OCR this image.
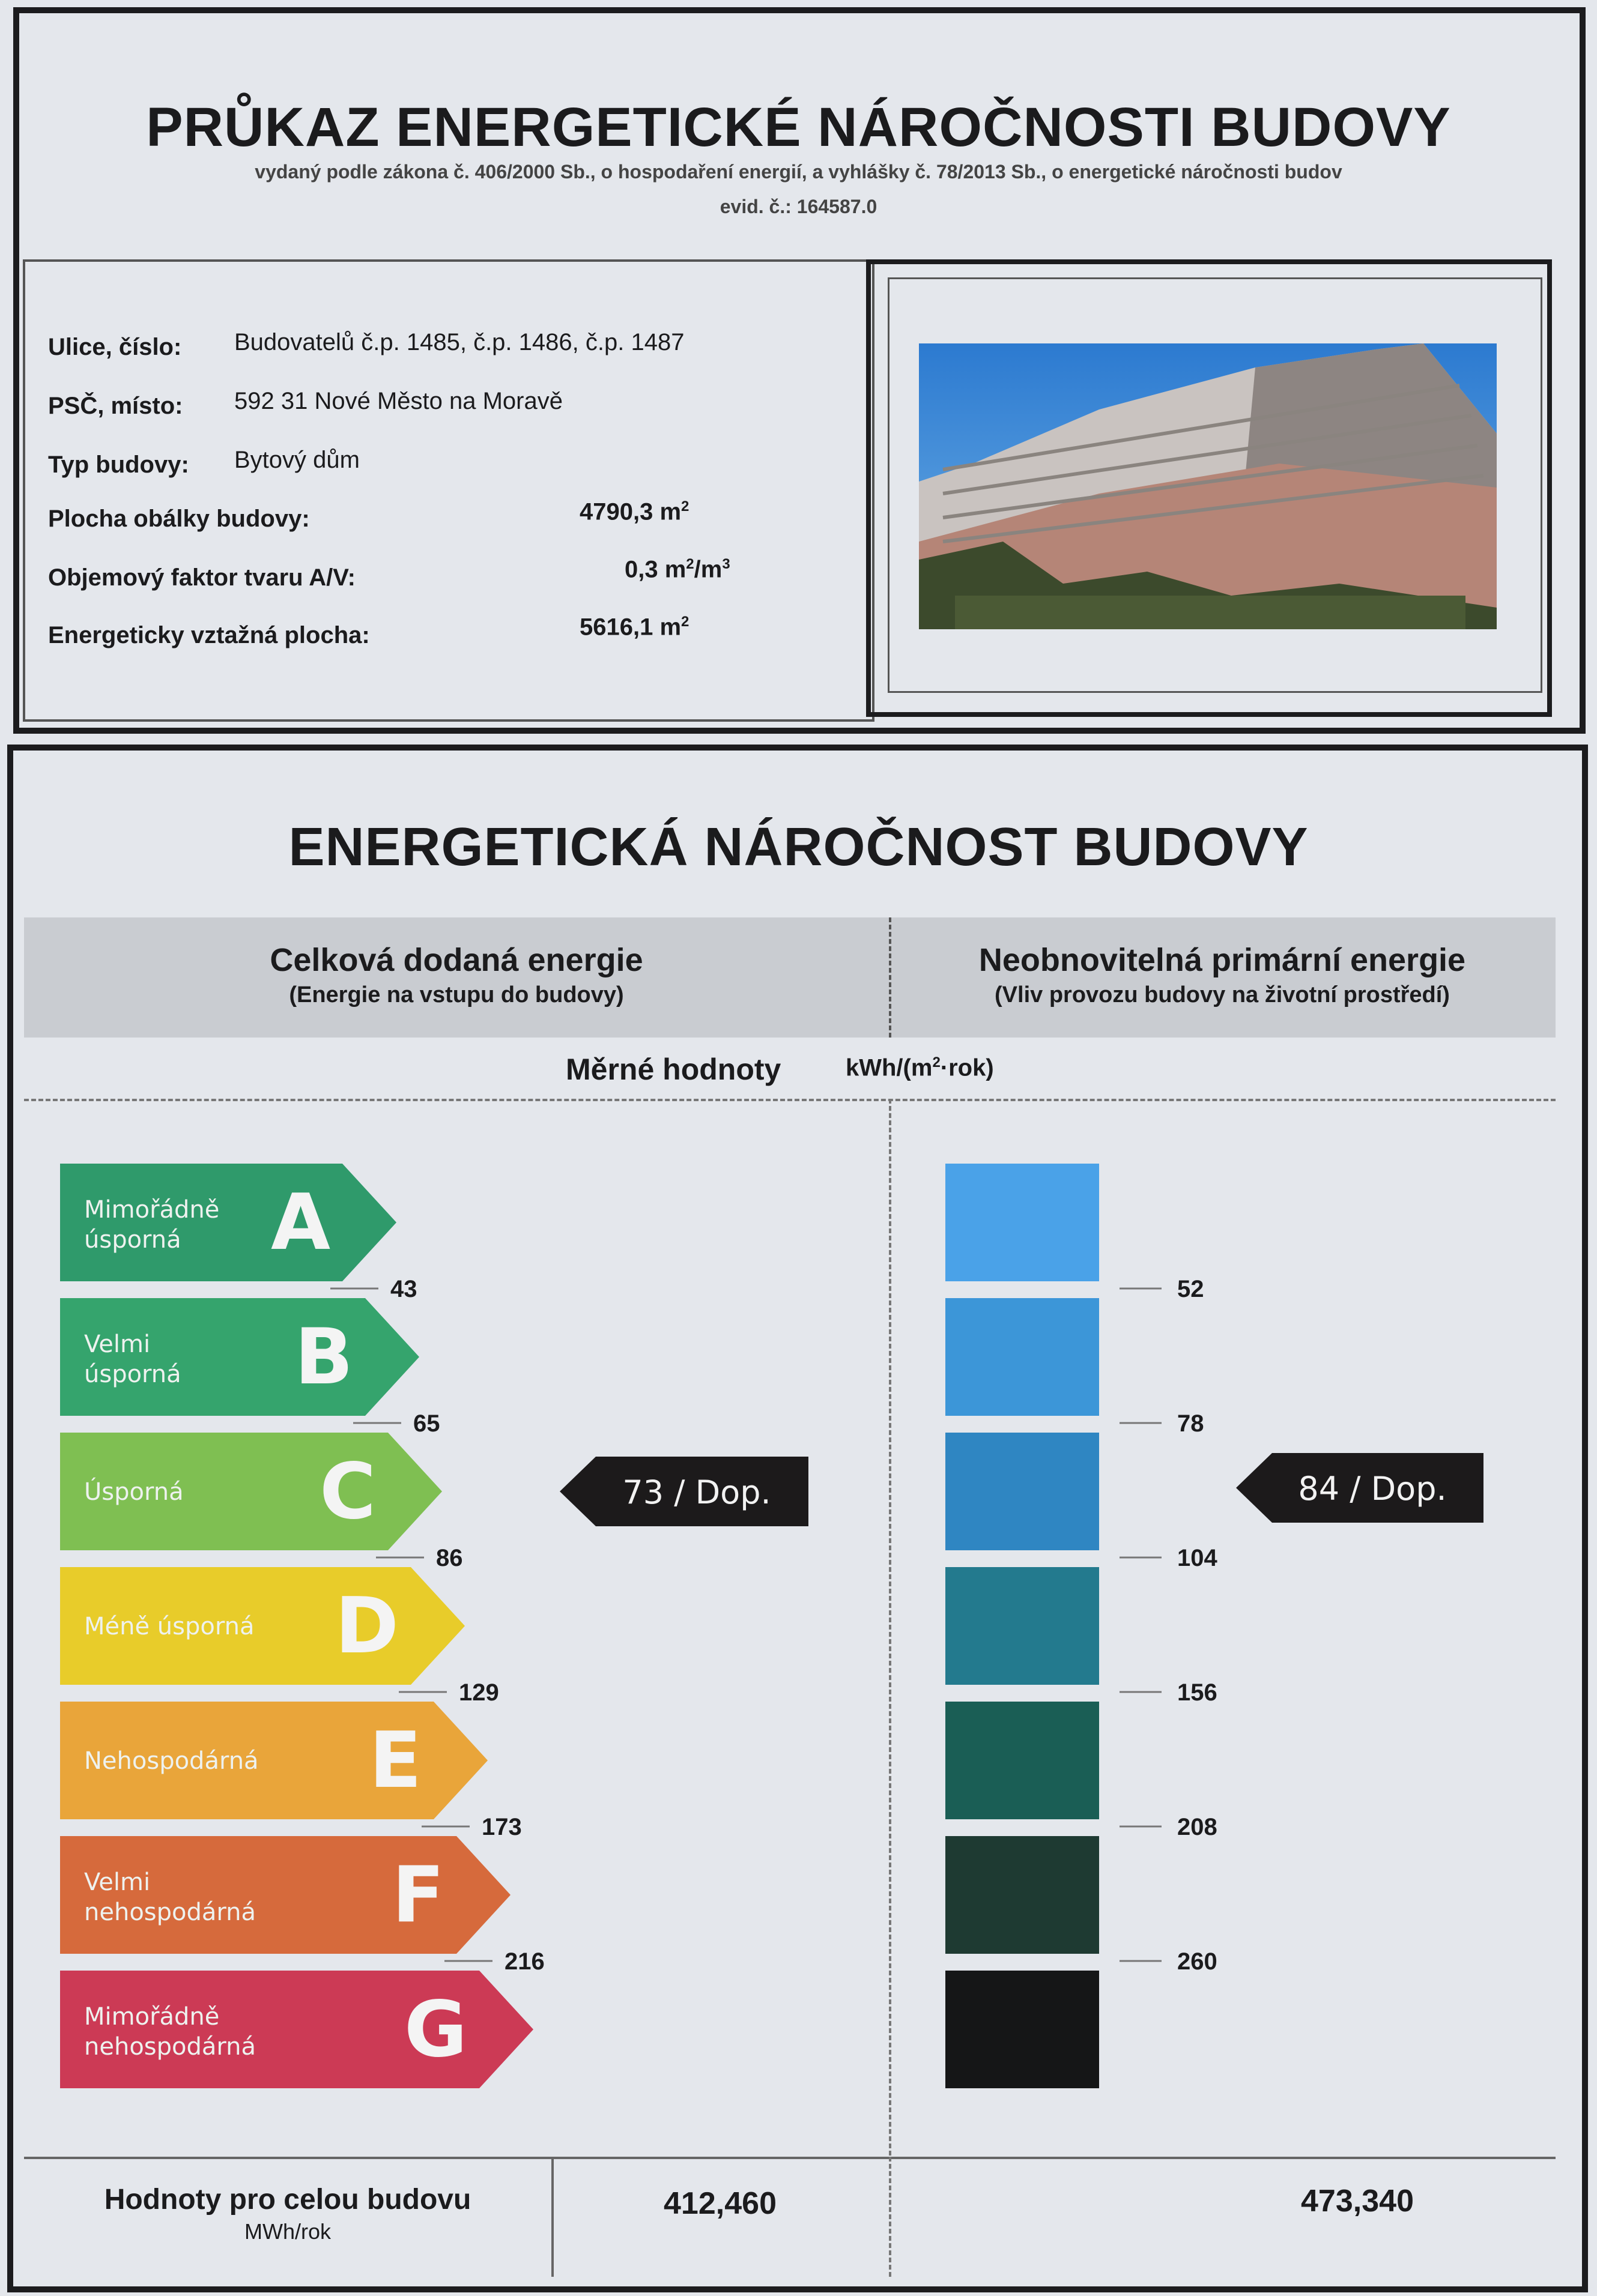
PRŮKAZ ENERGETICKÉ NÁROČNOSTI BUDOVY
vydaný podle zákona č. 406/2000 Sb., o hospodaření energií, a vyhlášky č. 78/2013 Sb., o energetické náročnosti budov
evid. č.: 164587.0
Ulice, číslo: Budovatelů č.p. 1485, č.p. 1486, č.p. 1487
PSČ, místo: 592 31 Nové Město na Moravě
Typ budovy: Bytový dům
Plocha obálky budovy:	4790,3 $m^2$
Objemový faktor tvaru A/V:	0,3 $m^2/m^3$
Energeticky vztažná plocha:	5616,1 $m^2$
ENERGETICKÁ NÁROČNOST BUDOVY
Celková dodaná energie
(Energie na vstupu do budovy)
Neobnovitelná primární energie
(Vliv provozu budovy na životní prostředí)
Měrné hodnoty	kWh/$(m^2\cdot rok)$
A
Mimořádně
úsporná
B
Velmi
úsporná
C
Úsporná
D
Méně úsporná
E
Nehospodárná
F
Velmi
nehospodárná
G
Mimořádně
nehospodárná
43
65
86
129
173
216
73 / Dop.
52
78
104
156
208
260
84 / Dop.
Hodnoty pro celou budovu
MWh/rok
412,460	473,340
